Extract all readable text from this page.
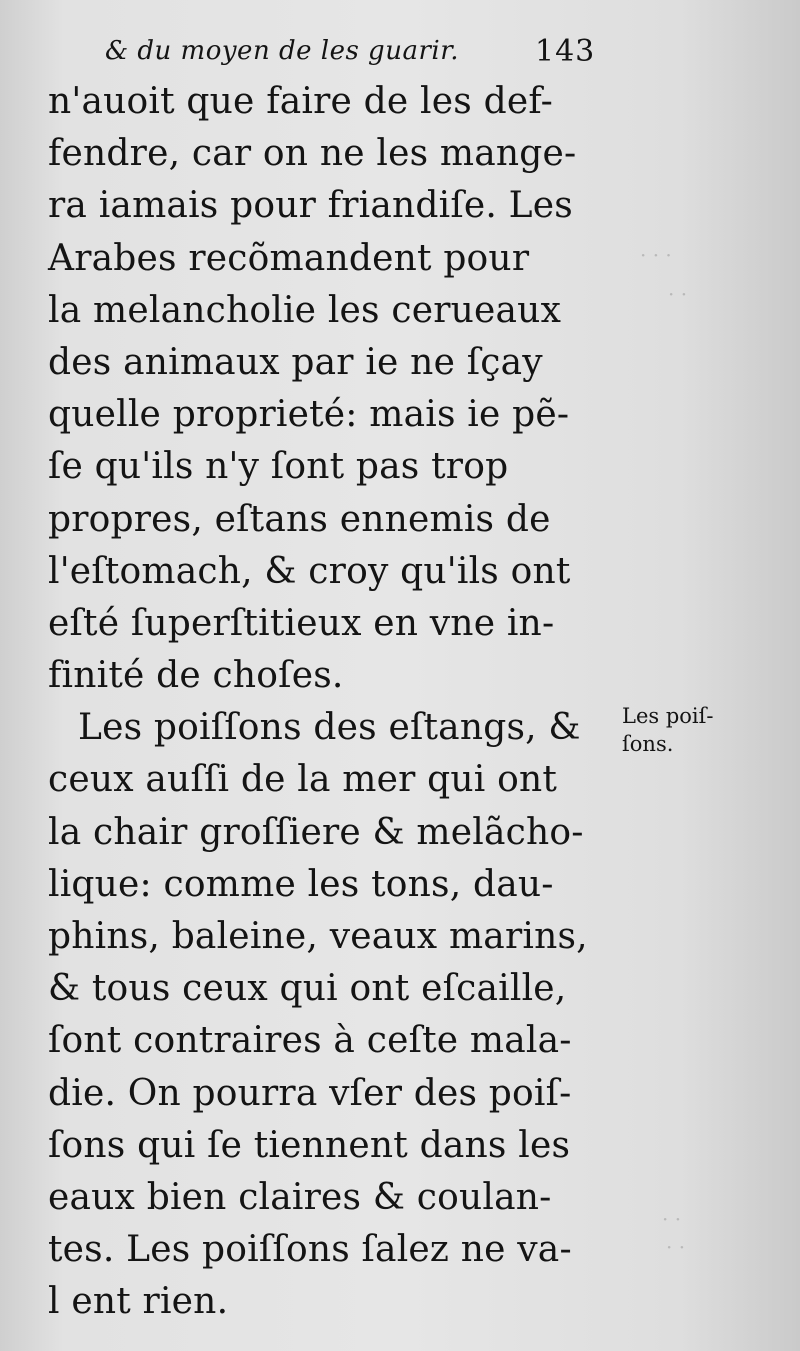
& du moyen de les guarir.	143
n'auoit que faire de les def-
fendre, car on ne les mange-
ra iamais pour friandiſe. Les
Arabes recõmandent pour
la melancholie les cerueaux
des animaux par ie ne ſçay
quelle proprieté: mais ie pẽ-
ſe qu'ils n'y ſont pas trop
propres, eſtans ennemis de
l'eſtomach, & croy qu'ils ont
eſté ſuperſtitieux en vne in-
finité de choſes.
Les poiſſons des eſtangs, &
ceux auſſi de la mer qui ont
la chair groſſiere & melãcho-
lique: comme les tons, dau-
phins, baleine, veaux marins,
& tous ceux qui ont eſcaille,
ſont contraires à ceſte mala-
die. On pourra vſer des poiſ-
ſons qui ſe tiennent dans les
eaux bien claires & coulan-
tes. Les poiſſons ſalez ne va-
l ent rien.
Les poiſ-
ſons.
· · ·
· ·
· ·
· ·
